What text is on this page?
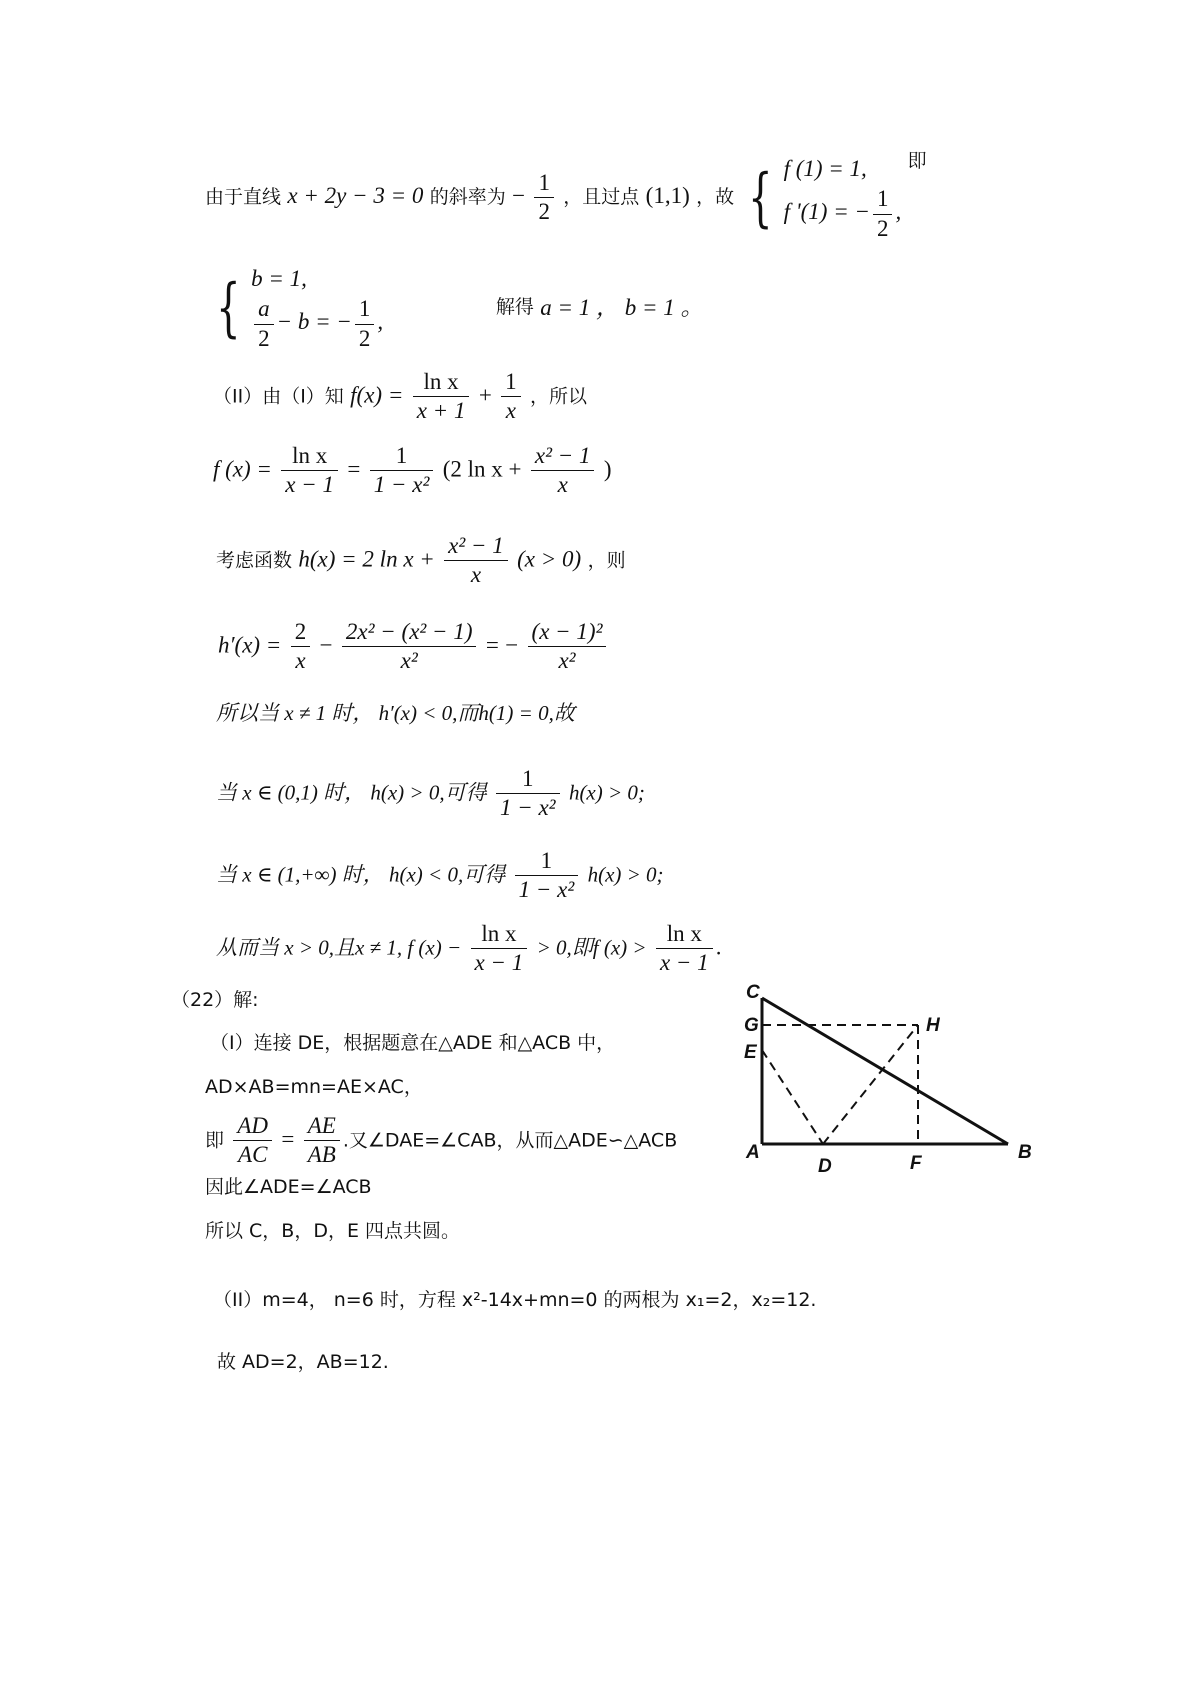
由于直线 x + 2y − 3 = 0 的斜率为 − $\frac{1}{2}$ ，且过点 (1,1) ，故 { f (1) = 1,
f '(1) = − $\frac{1}{2}$ ,
即
{ b = 1,
$\frac{a}{2} - b$ = − $\frac{1}{2}$ ,
解得 a = 1 ， b = 1 。
（II）由（I）知 $f(x) = \frac{\text{ln x}}{x + 1} + \frac{1}{x}$ ，所以
f $(x) = \frac{\text{ln x}}{x - 1} = \frac{1}{\text{1 − x²}} (2$ $\ln x + \frac{\text{x² − 1}}{x}$ )
考虑函数 h(x) = 2 $\ln x + \frac{\text{x² − 1}}{x} (x > 0)$ ，则
$h'(x) = \frac{2}{x} - \frac{\text{2x² − (x² − 1)}}{\text{x²}}$ = − $\frac{\text{(x − 1)²}}{\text{x²}}$
所以当 x ≠ 1 时， h′(x) < 0,而h(1) = 0,故
当 x ∈ (0,1) 时， h(x) > 0,可得 $\frac{1}{\text{1 − x²}} h(x) > 0$;
当 x ∈ (1,+∞) 时， h(x) < 0,可得 $\frac{1}{\text{1 − x²}} h(x) > 0$;
从而当 x > 0,且x ≠ 1, f $(x) - \frac{\text{ln x}}{x - 1} > 0$,即f $(x) > \frac{\text{ln x}}{x - 1}$ .
（22）解:
（I）连接 DE，根据题意在△ADE 和△ACB 中，
AD×AB=mn=AE×AC，
即 $\frac{AD}{AC} = \frac{AE}{AB}$ .又∠DAE=∠CAB，从而△ADE∽△ACB
因此∠ADE=∠ACB
所以 C，B，D，E 四点共圆。
（II）m=4， n=6 时，方程 x²-14x+mn=0 的两根为 x₁=2，x₂=12.
故 AD=2，AB=12.
C
G
E
H
A
D	F
B
